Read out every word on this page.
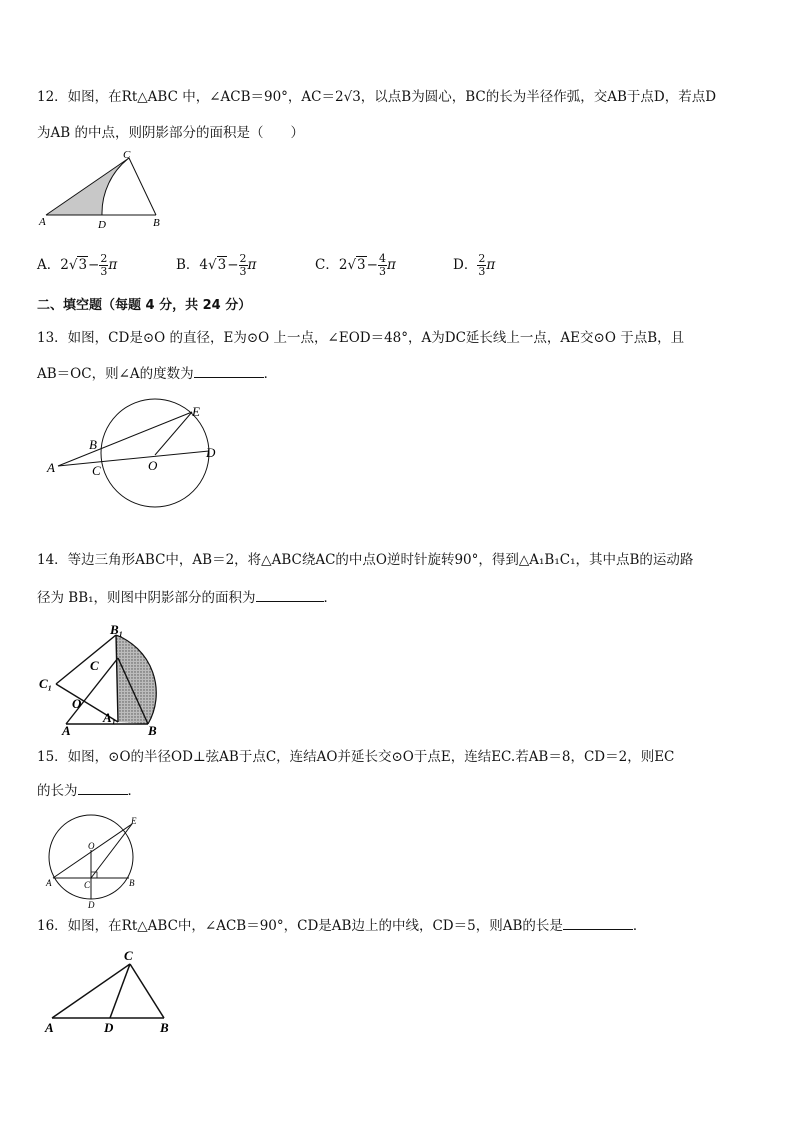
12．如图，在Rt△ABC 中，∠ACB＝90°，AC＝2√3，以点B为圆心，BC的长为半径作弧，交AB于点D，若点D
为AB 的中点，则阴影部分的面积是（　　）
C
A	D	B
A．$2√3- \frac{2}{3}$ π	B．$4√3- \frac{2}{3}$ π	C．$2√3- \frac{4}{3}$ π	D． $\frac{2}{3}$ π
二、填空题（每题 4 分，共 24 分）
13．如图，CD是⊙O 的直径，E为⊙O 上一点，∠EOD＝48°，A为DC延长线上一点，AE交⊙O 于点B，且
AB＝OC，则∠A的度数为	．
E
B
A	C	O
D
14．等边三角形ABC中，AB＝2，将△ABC绕AC的中点O逆时针旋转90°，得到△A₁B₁C₁，其中点B的运动路
径为 BB₁，则图中阴影部分的面积为	．
B₁
C
C₁
O
A₁
A	B
15．如图，⊙O的半径OD⊥弦AB于点C，连结AO并延长交⊙O于点E，连结EC.若AB＝8，CD＝2，则EC
的长为	．
O
E
A	C	B
D
16．如图，在Rt△ABC中，∠ACB＝90°，CD是AB边上的中线，CD＝5，则AB的长是	．
C
A	D	B
